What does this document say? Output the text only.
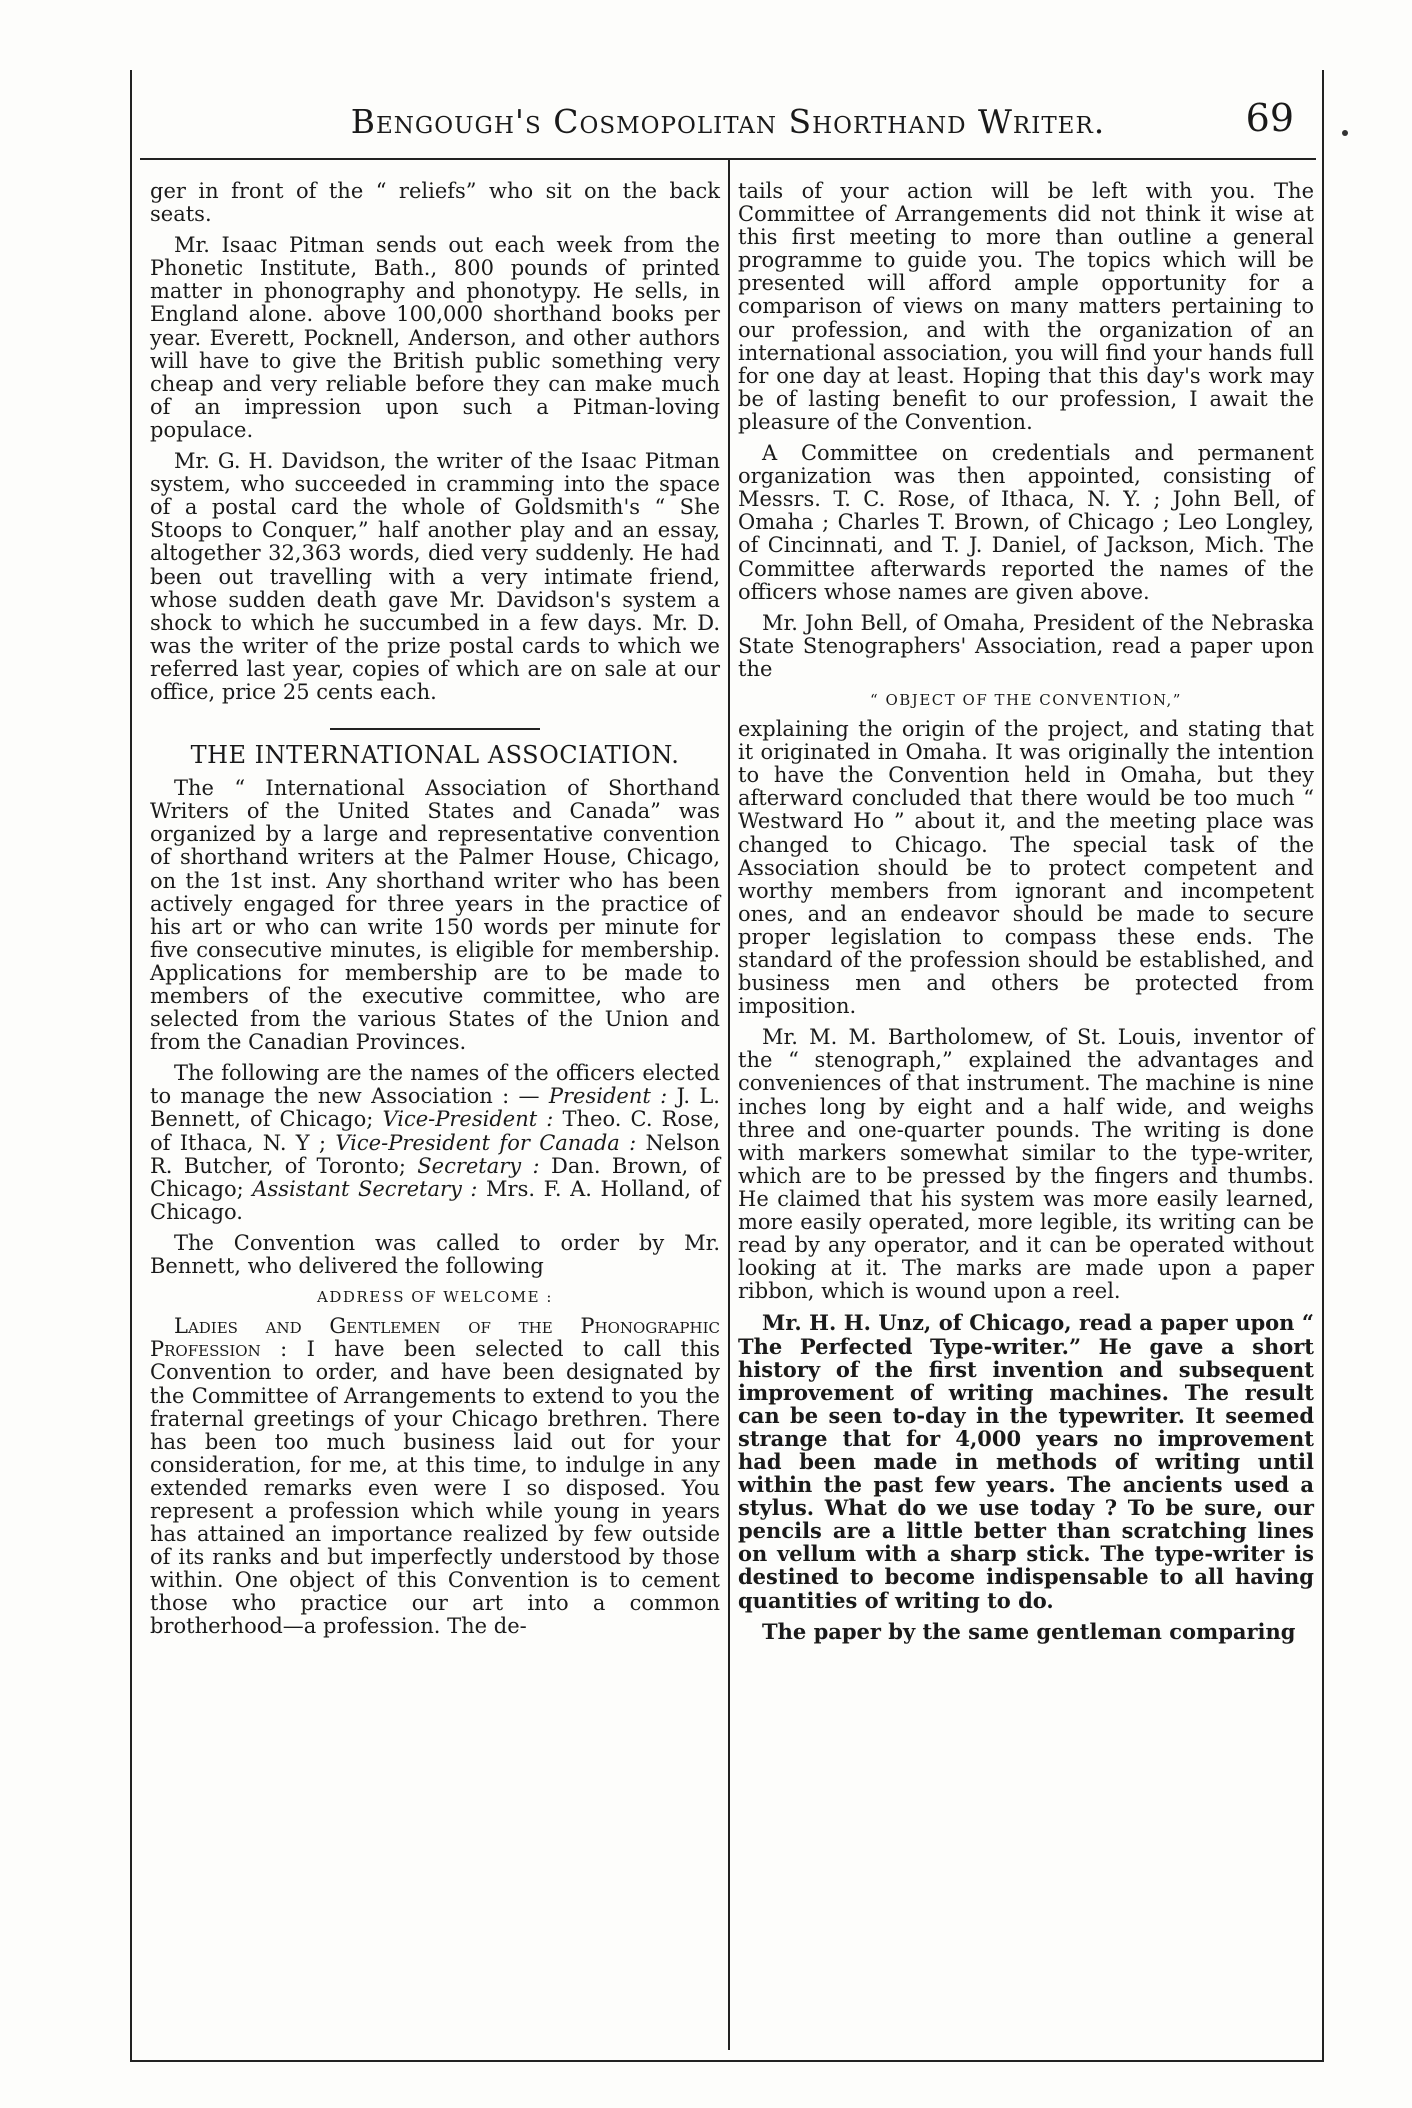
Bengough's Cosmopolitan Shorthand Writer.	69

ger in front of the “ reliefs” who sit on the back seats.

Mr. Isaac Pitman sends out each week from the Phonetic Institute, Bath., 800 pounds of printed matter in phonography and phonotypy. He sells, in England alone. above 100,000 shorthand books per year. Everett, Pocknell, Anderson, and other authors will have to give the British public something very cheap and very reliable before they can make much of an impression upon such a Pitman-loving populace.

Mr. G. H. Davidson, the writer of the Isaac Pitman system, who succeeded in cramming into the space of a postal card the whole of Goldsmith's “ She Stoops to Conquer,” half another play and an essay, altogether 32,363 words, died very suddenly. He had been out travelling with a very intimate friend, whose sudden death gave Mr. Davidson's system a shock to which he succumbed in a few days. Mr. D. was the writer of the prize postal cards to which we referred last year, copies of which are on sale at our office, price 25 cents each.

THE INTERNATIONAL ASSOCIATION.

The “ International Association of Shorthand Writers of the United States and Canada” was organized by a large and representative convention of shorthand writers at the Palmer House, Chicago, on the 1st inst. Any shorthand writer who has been actively engaged for three years in the practice of his art or who can write 150 words per minute for five consecutive minutes, is eligible for membership. Applications for membership are to be made to members of the executive committee, who are selected from the various States of the Union and from the Canadian Provinces.

The following are the names of the officers elected to manage the new Association : — President : J. L. Bennett, of Chicago; Vice-President : Theo. C. Rose, of Ithaca, N. Y ; Vice-President for Canada : Nelson R. Butcher, of Toronto; Secretary : Dan. Brown, of Chicago; Assistant Secretary : Mrs. F. A. Holland, of Chicago.

The Convention was called to order by Mr. Bennett, who delivered the following

ADDRESS OF WELCOME :

Ladies and Gentlemen of the Phonographic Profession : I have been selected to call this Convention to order, and have been designated by the Committee of Arrangements to extend to you the fraternal greetings of your Chicago brethren. There has been too much business laid out for your consideration, for me, at this time, to indulge in any extended remarks even were I so disposed. You represent a profession which while young in years has attained an importance realized by few outside of its ranks and but imperfectly understood by those within. One object of this Convention is to cement those who practice our art into a common brotherhood—a profession. The de-

tails of your action will be left with you. The Committee of Arrangements did not think it wise at this first meeting to more than outline a general programme to guide you. The topics which will be presented will afford ample opportunity for a comparison of views on many matters pertaining to our profession, and with the organization of an international association, you will find your hands full for one day at least. Hoping that this day's work may be of lasting benefit to our profession, I await the pleasure of the Convention.

A Committee on credentials and permanent organization was then appointed, consisting of Messrs. T. C. Rose, of Ithaca, N. Y. ; John Bell, of Omaha ; Charles T. Brown, of Chicago ; Leo Longley, of Cincinnati, and T. J. Daniel, of Jackson, Mich. The Committee afterwards reported the names of the officers whose names are given above.

Mr. John Bell, of Omaha, President of the Nebraska State Stenographers' Association, read a paper upon the

“ OBJECT OF THE CONVENTION,”

explaining the origin of the project, and stating that it originated in Omaha. It was originally the intention to have the Convention held in Omaha, but they afterward concluded that there would be too much “ Westward Ho ” about it, and the meeting place was changed to Chicago. The special task of the Association should be to protect competent and worthy members from ignorant and incompetent ones, and an endeavor should be made to secure proper legislation to compass these ends. The standard of the profession should be established, and business men and others be protected from imposition.

Mr. M. M. Bartholomew, of St. Louis, inventor of the “ stenograph,” explained the advantages and conveniences of that instrument. The machine is nine inches long by eight and a half wide, and weighs three and one-quarter pounds. The writing is done with markers somewhat similar to the type-writer, which are to be pressed by the fingers and thumbs. He claimed that his system was more easily learned, more easily operated, more legible, its writing can be read by any operator, and it can be operated without looking at it. The marks are made upon a paper ribbon, which is wound upon a reel.

Mr. H. H. Unz, of Chicago, read a paper upon “ The Perfected Type-writer.” He gave a short history of the first invention and subsequent improvement of writing machines. The result can be seen to-day in the typewriter. It seemed strange that for 4,000 years no improvement had been made in methods of writing until within the past few years. The ancients used a stylus. What do we use today ? To be sure, our pencils are a little better than scratching lines on vellum with a sharp stick. The type-writer is destined to become indispensable to all having quantities of writing to do.

The paper by the same gentleman comparing
